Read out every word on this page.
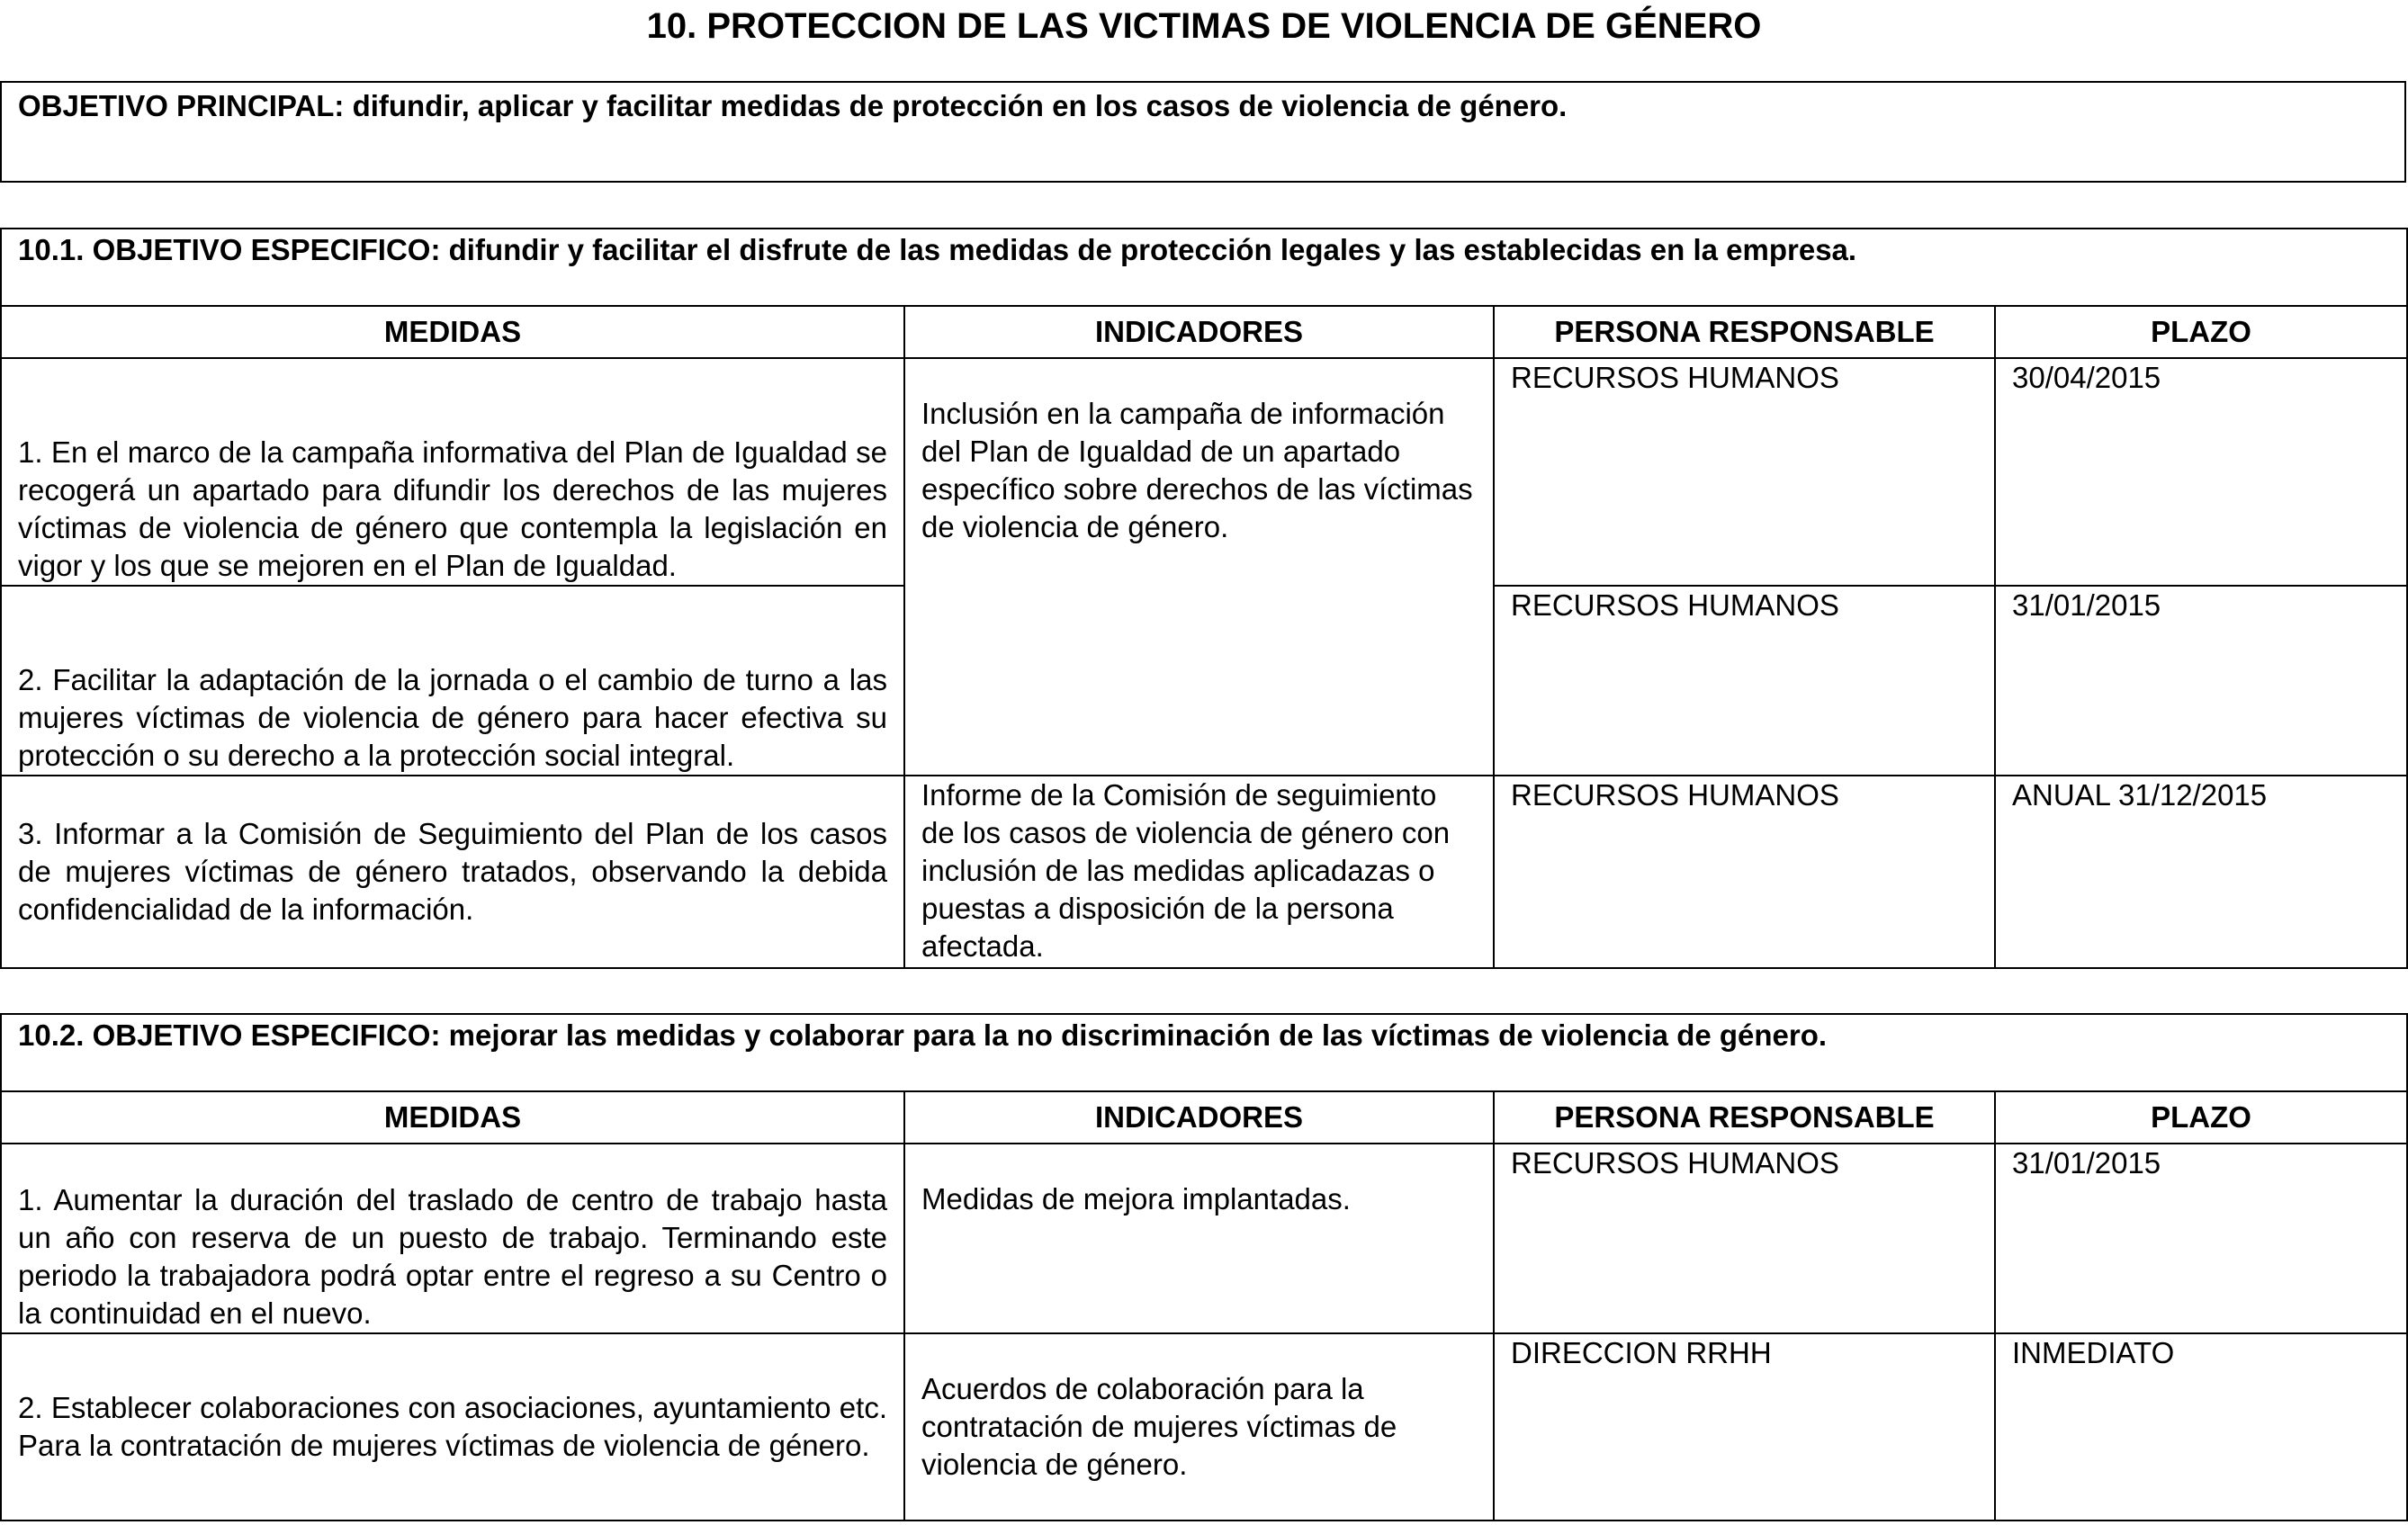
10. PROTECCION DE LAS VICTIMAS DE VIOLENCIA DE GÉNERO
OBJETIVO PRINCIPAL: difundir, aplicar y facilitar medidas de protección en los casos de violencia de género.
10.1. OBJETIVO ESPECIFICO: difundir y facilitar el disfrute de las medidas de protección legales y las establecidas en la empresa.			
MEDIDAS	INDICADORES	PERSONA RESPONSABLE	PLAZO
1. En el marco de la campaña informativa del Plan de Igualdad se recogerá un apartado para difundir los derechos de las mujeres víctimas de violencia de género que contempla la legislación en vigor y los que se mejoren en el Plan de Igualdad.	Inclusión en la campaña de información del Plan de Igualdad de un apartado específico sobre derechos de las víctimas de violencia de género.	RECURSOS HUMANOS	30/04/2015
2. Facilitar la adaptación de la jornada o el cambio de turno a las mujeres víctimas de violencia de género para hacer efectiva su protección o su derecho a la protección social integral.		RECURSOS HUMANOS	31/01/2015
3. Informar a la Comisión de Seguimiento del Plan de los casos de mujeres víctimas de género tratados, observando la debida confidencialidad de la información.	Informe de la Comisión de seguimiento de los casos de violencia de género con inclusión de las medidas aplicadazas o puestas a disposición de la persona afectada.	RECURSOS HUMANOS	ANUAL 31/12/2015
10.2. OBJETIVO ESPECIFICO: mejorar las medidas y colaborar para la no discriminación de las víctimas de violencia de género.			
MEDIDAS	INDICADORES	PERSONA RESPONSABLE	PLAZO
1. Aumentar la duración del traslado de centro de trabajo hasta un año con reserva de un puesto de trabajo. Terminando este periodo la trabajadora podrá optar entre el regreso a su Centro o la continuidad en el nuevo.	Medidas de mejora implantadas.	RECURSOS HUMANOS	31/01/2015
2. Establecer colaboraciones con asociaciones, ayuntamiento etc. Para la contratación de mujeres víctimas de violencia de género.	Acuerdos de colaboración para la contratación de mujeres víctimas de violencia de género.	DIRECCION RRHH	INMEDIATO
